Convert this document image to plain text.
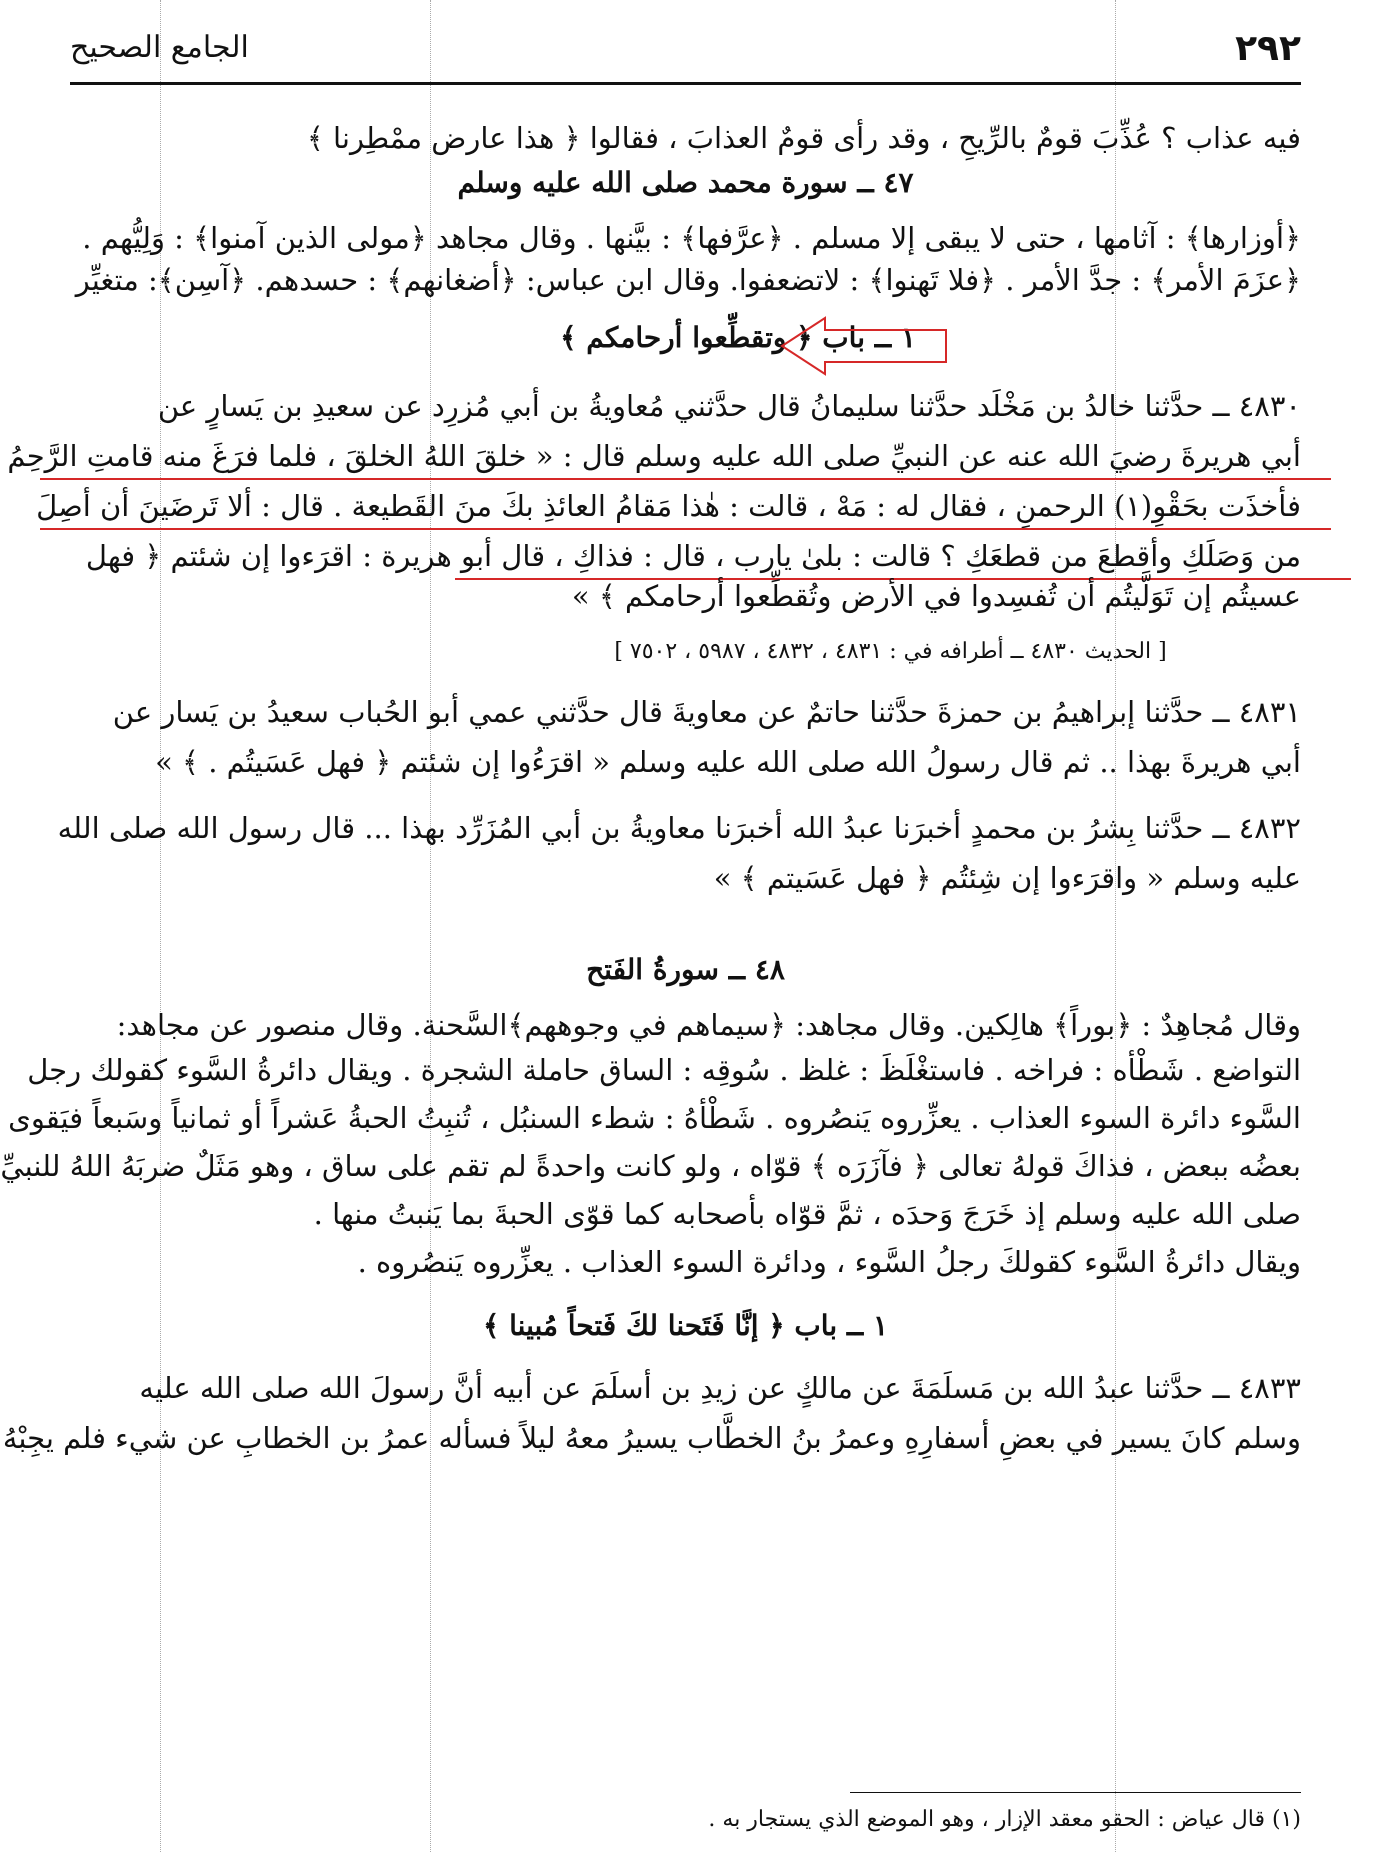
٢٩٢
الجامع الصحيح
فيه عذاب ؟ عُذِّبَ قومٌ بالرِّيحِ ، وقد رأى قومٌ العذابَ ، فقالوا ﴿ هذا عارض ممْطِرنا ﴾
٤٧ ــ سورة محمد صلى الله عليه وسلم
﴿أوزارها﴾ : آثامها ، حتى لا يبقى إلا مسلم . ﴿عرَّفها﴾ : بيَّنها . وقال مجاهد ﴿مولى الذين آمنوا﴾ : وَلِيُّهم .
﴿عزَمَ الأمر﴾ : جدَّ الأمر . ﴿فلا تَهنوا﴾ : لاتضعفوا. وقال ابن عباس: ﴿أضغانهم﴾ : حسدهم. ﴿آسِن﴾: متغيِّر
١ ــ باب ﴿ وتقطِّعوا أرحامكم ﴾
٤٨٣٠ ــ حدَّثنا خالدُ بن مَخْلَد حدَّثنا سليمانُ قال حدَّثني مُعاويةُ بن أبي مُزرِد عن سعيدِ بن يَسارٍ عن
أبي هريرةَ رضيَ الله عنه عن النبيِّ صلى الله عليه وسلم قال : « خلقَ اللهُ الخلقَ ، فلما فرَغَ منه قامتِ الرَّحِمُ
فأخذَت بحَقْوِ(١) الرحمنِ ، فقال له : مَهْ ، قالت : هٰذا مَقامُ العائذِ بكَ منَ القَطيعة . قال : ألا تَرضَينَ أن أصِلَ
من وَصَلَكِ وأقطعَ من قطعَكِ ؟ قالت : بلىٰ يارب ، قال : فذاكِ ، قال أبو هريرة : اقرَءوا إن شئتم ﴿ فهل
عسيتُم إن تَوَلَّيتُم أن تُفسِدوا في الأرض وتُقطِّعوا أرحامكم ﴾ »
[ الحديث ٤٨٣٠ ــ أطرافه في : ٤٨٣١ ، ٤٨٣٢ ، ٥٩٨٧ ، ٧٥٠٢ ]
٤٨٣١ ــ حدَّثنا إبراهيمُ بن حمزةَ حدَّثنا حاتمٌ عن معاويةَ قال حدَّثني عمي أبو الحُباب سعيدُ بن يَسار عن
أبي هريرةَ بهذا .. ثم قال رسولُ الله صلى الله عليه وسلم « اقرَءُوا إن شئتم ﴿ فهل عَسَيتُم . ﴾ »
٤٨٣٢ ــ حدَّثنا بِشرُ بن محمدٍ أخبرَنا عبدُ الله أخبرَنا معاويةُ بن أبي المُزَرِّد بهذا ... قال رسول الله صلى الله
عليه وسلم « واقرَءوا إن شِئتُم ﴿ فهل عَسَيتم ﴾ »
٤٨ ــ سورةُ الفَتح
وقال مُجاهِدٌ : ﴿بوراً﴾ هالِكين. وقال مجاهد: ﴿سيماهم في وجوههم﴾السَّحنة. وقال منصور عن مجاهد:
التواضع . شَطْأه : فراخه . فاستغْلَظَ : غلظ . سُوقِه : الساق حاملة الشجرة . ويقال دائرةُ السَّوء كقولك رجل
السَّوء دائرة السوء العذاب . يعزِّروه يَنصُروه . شَطْأهُ : شطء السنبُل ، تُنبِتُ الحبةُ عَشراً أو ثمانياً وسَبعاً فيَقوى
بعضُه ببعض ، فذاكَ قولهُ تعالى ﴿ فآزَرَه ﴾ قوّاه ، ولو كانت واحدةً لم تقم على ساق ، وهو مَثَلٌ ضربَهُ اللهُ للنبيِّ
صلى الله عليه وسلم إذ خَرَجَ وَحدَه ، ثمَّ قوّاه بأصحابه كما قوّى الحبةَ بما يَنبتُ منها .
ويقال دائرةُ السَّوء كقولكَ رجلُ السَّوء ، ودائرة السوء العذاب . يعزِّروه يَنصُروه .
١ ــ باب ﴿ إنَّا فَتَحنا لكَ فَتحاً مُبينا ﴾
٤٨٣٣ ــ حدَّثنا عبدُ الله بن مَسلَمَةَ عن مالكٍ عن زيدِ بن أسلَمَ عن أبيه أنَّ رسولَ الله صلى الله عليه
وسلم كانَ يسير في بعضِ أسفارِهِ وعمرُ بنُ الخطَّاب يسيرُ معهُ ليلاً فسأله عمرُ بن الخطابِ عن شيء فلم يجِبْهُ
(١) قال عياض : الحقو معقد الإزار ، وهو الموضع الذي يستجار به .
